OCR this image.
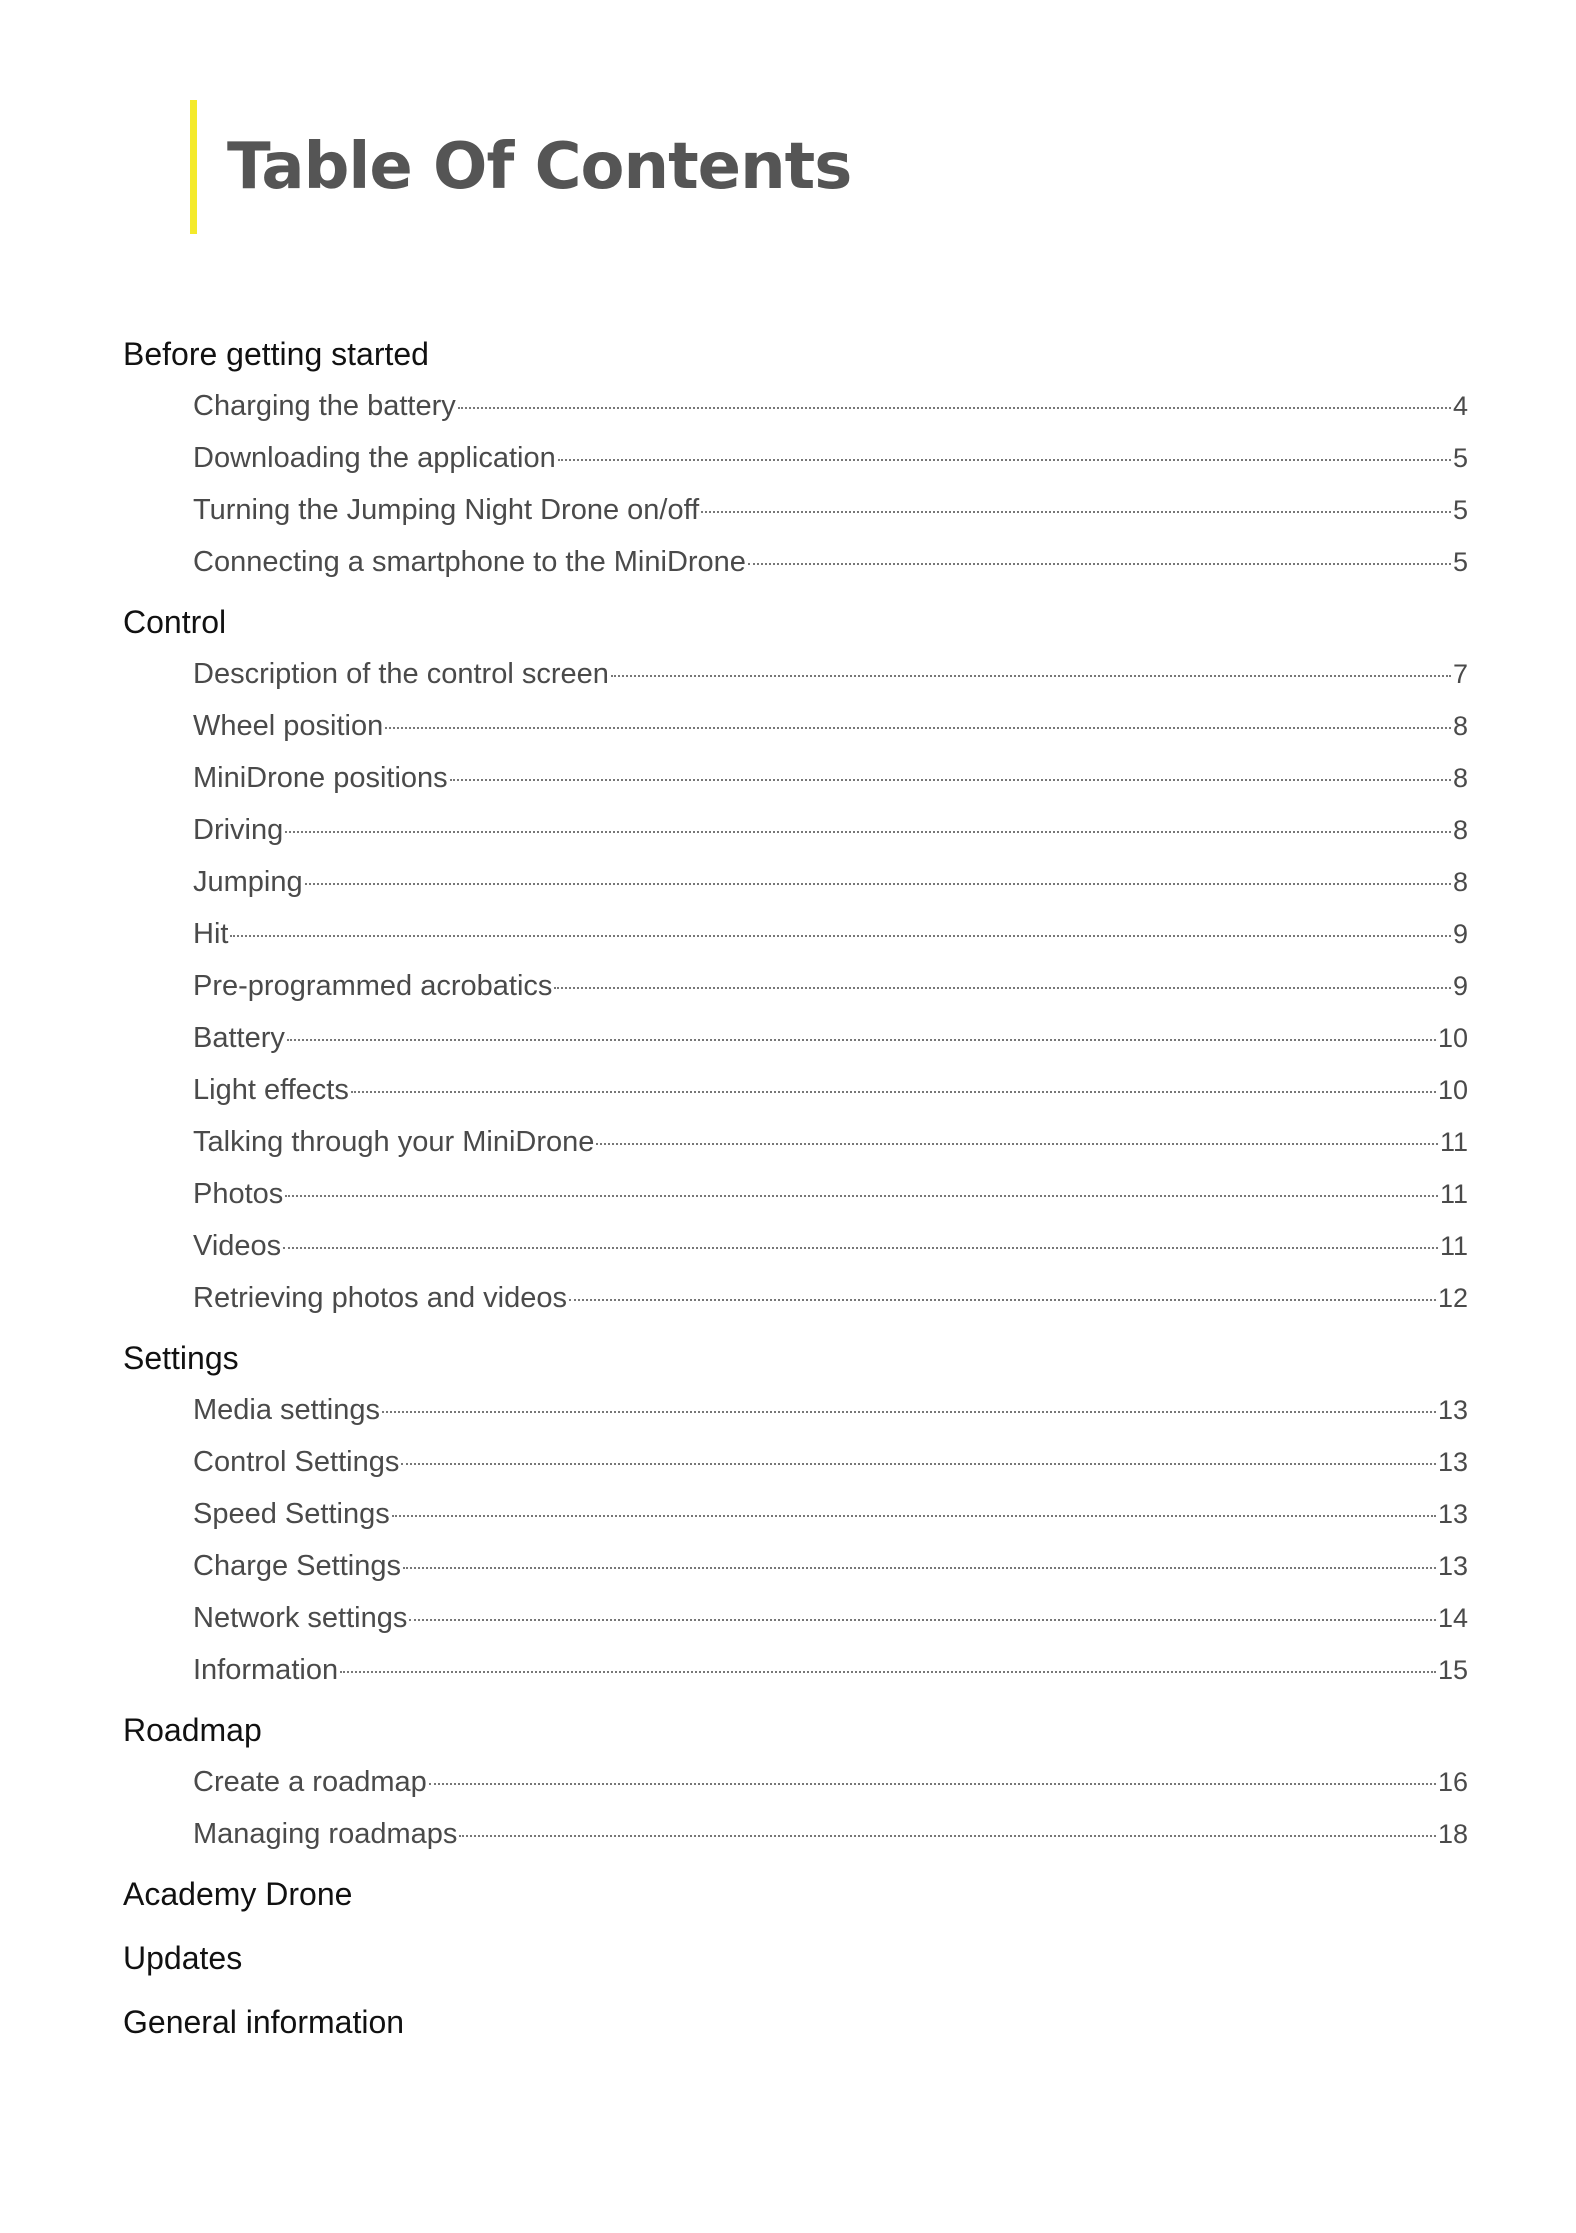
Table Of Contents
Before getting started
Charging the battery	4
Downloading the application	5
Turning the Jumping Night Drone on/off	5
Connecting a smartphone to the MiniDrone	5
Control
Description of the control screen	7
Wheel position	8
MiniDrone positions	8
Driving	8
Jumping	8
Hit	9
Pre-programmed acrobatics	9
Battery	10
Light effects	10
Talking through your MiniDrone	11
Photos	11
Videos	11
Retrieving photos and videos	12
Settings
Media settings	13
Control Settings	13
Speed Settings	13
Charge Settings	13
Network settings	14
Information	15
Roadmap
Create a roadmap	16
Managing roadmaps	18
Academy Drone
Updates
General information
